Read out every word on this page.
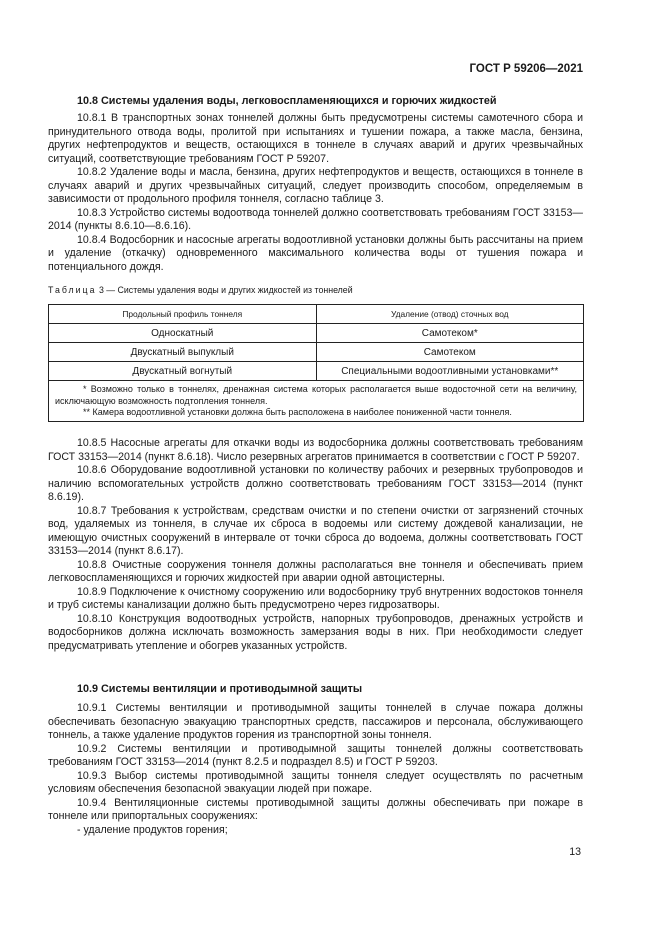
ГОСТ Р 59206—2021
10.8 Системы удаления воды, легковоспламеняющихся и горючих жидкостей

10.8.1 В транспортных зонах тоннелей должны быть предусмотрены системы самотечного сбора и принудительного отвода воды, пролитой при испытаниях и тушении пожара, а также масла, бензина, других нефтепродуктов и веществ, остающихся в тоннеле в случаях аварий и других чрезвычайных ситуаций, соответствующие требованиям ГОСТ Р 59207.

10.8.2 Удаление воды и масла, бензина, других нефтепродуктов и веществ, остающихся в тоннеле в случаях аварий и других чрезвычайных ситуаций, следует производить способом, определяемым в зависимости от продольного профиля тоннеля, согласно таблице 3.

10.8.3 Устройство системы водоотвода тоннелей должно соответствовать требованиям ГОСТ 33153—2014 (пункты 8.6.10—8.6.16).

10.8.4 Водосборник и насосные агрегаты водоотливной установки должны быть рассчитаны на прием и удаление (откачку) одновременного максимального количества воды от тушения пожара и потенциального дождя.

Таблица 3 — Системы удаления воды и других жидкостей из тоннелей
Продольный профиль тоннеля	Удаление (отвод) сточных вод
Односкатный	Самотеком*
Двускатный выпуклый	Самотеком
Двускатный вогнутый	Специальными водоотливными установками**

* Возможно только в тоннелях, дренажная система которых располагается выше водосточной сети на величину, исключающую возможность подтопления тоннеля.
** Камера водоотливной установки должна быть расположена в наиболее пониженной части тоннеля.	

10.8.5 Насосные агрегаты для откачки воды из водосборника должны соответствовать требованиям ГОСТ 33153—2014 (пункт 8.6.18). Число резервных агрегатов принимается в соответствии с ГОСТ Р 59207.

10.8.6 Оборудование водоотливной установки по количеству рабочих и резервных трубопроводов и наличию вспомогательных устройств должно соответствовать требованиям ГОСТ 33153—2014 (пункт 8.6.19).

10.8.7 Требования к устройствам, средствам очистки и по степени очистки от загрязнений сточных вод, удаляемых из тоннеля, в случае их сброса в водоемы или систему дождевой канализации, не имеющую очистных сооружений в интервале от точки сброса до водоема, должны соответствовать ГОСТ 33153—2014 (пункт 8.6.17).

10.8.8 Очистные сооружения тоннеля должны располагаться вне тоннеля и обеспечивать прием легковоспламеняющихся и горючих жидкостей при аварии одной автоцистерны.

10.8.9 Подключение к очистному сооружению или водосборнику труб внутренних водостоков тоннеля и труб системы канализации должно быть предусмотрено через гидрозатворы.

10.8.10 Конструкция водоотводных устройств, напорных трубопроводов, дренажных устройств и водосборников должна исключать возможность замерзания воды в них. При необходимости следует предусматривать утепление и обогрев указанных устройств.

10.9 Системы вентиляции и противодымной защиты

10.9.1 Системы вентиляции и противодымной защиты тоннелей в случае пожара должны обеспечивать безопасную эвакуацию транспортных средств, пассажиров и персонала, обслуживающего тоннель, а также удаление продуктов горения из транспортной зоны тоннеля.

10.9.2 Системы вентиляции и противодымной защиты тоннелей должны соответствовать требованиям ГОСТ 33153—2014 (пункт 8.2.5 и подраздел 8.5) и ГОСТ Р 59203.

10.9.3 Выбор системы противодымной защиты тоннеля следует осуществлять по расчетным условиям обеспечения безопасной эвакуации людей при пожаре.

10.9.4 Вентиляционные системы противодымной защиты должны обеспечивать при пожаре в тоннеле или припортальных сооружениях:

- удаление продуктов горения;

13
